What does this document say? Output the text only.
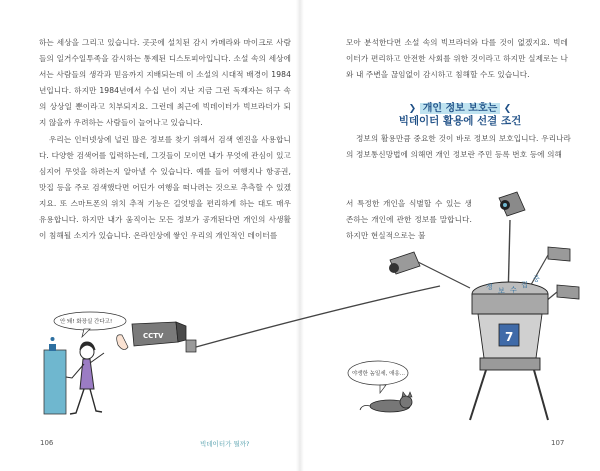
하는 세상을 그리고 있습니다. 곳곳에 설치된 감시 카메라와 마이크로 사람들의 일거수일투족을 감시하는 통제된 디스토피아입니다. 소설 속의 세상에서는 사람들의 생각과 믿음까지 지배되는데 이 소설의 시대적 배경이 1984년입니다. 하지만 1984년에서 수십 년이 지난 지금 그런 독재자는 허구 속의 상상일 뿐이라고 치부되지요. 그런데 최근에 빅데이터가 빅브라더가 되지 않을까 우려하는 사람들이 늘어나고 있습니다.
우리는 인터넷상에 널린 많은 정보를 찾기 위해서 검색 엔진을 사용합니다. 다양한 검색어를 입력하는데, 그것들이 모이면 내가 무엇에 관심이 있고 심지어 무엇을 하려는지 알아낼 수 있습니다. 예를 들어 여행지나 항공권, 맛집 등을 주로 검색했다면 어딘가 여행을 떠나려는 것으로 추측할 수 있겠지요. 또 스마트폰의 위치 추적 기능은 길엇빙을 편리하게 하는 대도 매우 유용합니다. 하지만 내가 움직이는 모든 정보가 공개된다면 개인의 사생활이 침해될 소지가 있습니다. 온라인상에 쌓인 우리의 개인적인 데이터를
모아 분석한다면 소설 속의 빅브라더와 다를 것이 없겠지요. 빅데이터가 편리하고 안전한 사회를 위한 것이라고 하지만 실제로는 나와 내 주변을 끊임없이 감시하고 침해할 수도 있습니다.
❯ 개인 정보 보호는 ❮
빅데이터 활용에 선결 조건
정보의 활용만큼 중요한 것이 바로 정보의 보호입니다. 우리나라의 정보통신망법에 의해면 개인 정보란 주민 등록 번호 등에 의해
서 특정한 개인을 식별할 수 있는 생존하는 개인에 관한 정보를 말합니다. 하지만 현실적으로는 불
안 돼! 화장실 간다고!
CCTV	7
정 보 수
집
중
야생한 놈일세, 애옹...
106	빅데이터가 뭘까?	107
